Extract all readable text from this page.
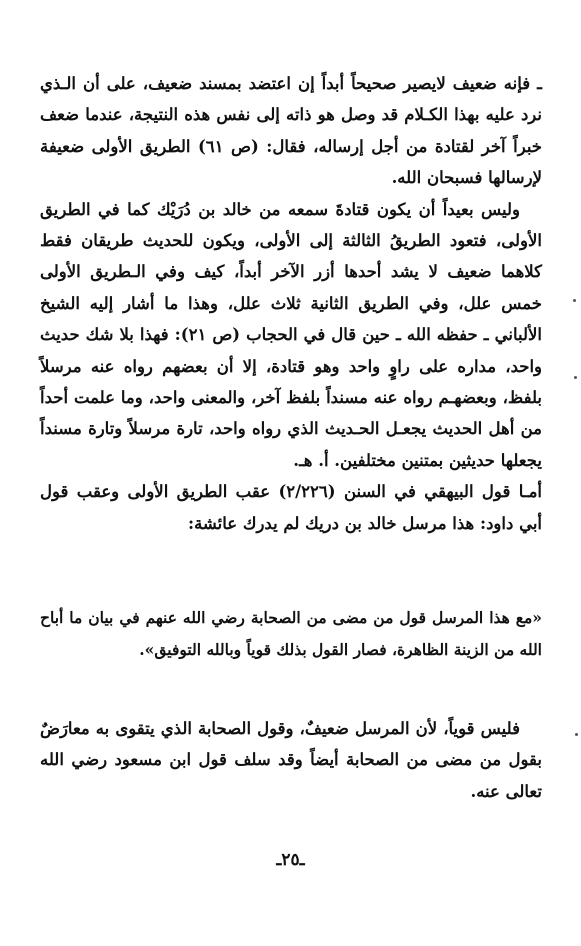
ـ فإنه ضعيف لايصير صحيحاً أبداً إن اعتضد بمسند ضعيف، على أن الـذي نرد عليه بهذا الكـلام قد وصل هو ذاته إلى نفس هذه النتيجة، عندما ضعف خبراً آخر لقتادة من أجل إرساله، فقال: (ص ٦١) الطريق الأولى ضعيفة لإرسالها فسبحان الله.

وليس بعيداً أن يكون قتادةَ سمعه من خالد بن دُرَيْك كما في الطريق الأولى، فتعود الطريقُ الثالثة إلى الأولى، ويكون للحديث طريقان فقط كلاهما ضعيف لا يشد أحدها أزر الآخر أبداً، كيف وفي الـطريق الأولى خمس علل، وفي الطريق الثانية ثلاث علل، وهذا ما أشار إليه الشيخ الألباني ـ حفظه الله ـ حين قال في الحجاب (ص ٢١): فهذا بلا شك حديث واحد، مداره على راوٍ واحد وهو قتادة، إلا أن بعضهم رواه عنه مرسلاً بلفظ، وبعضهـم رواه عنه مسنداً بلفظ آخر، والمعنى واحد، وما علمت أحداً من أهل الحديث يجعـل الحـديث الذي رواه واحد، تارة مرسلاً وتارة مسنداً يجعلها حديثين بمتنين مختلفين. أ. هـ.

أمـا قول البيهقي في السنن (٢/٢٢٦) عقب الطريق الأولى وعقب قول أبي داود: هذا مرسل خالد بن دريك لم يدرك عائشة:

«مع هذا المرسل قول من مضى من الصحابة رضي الله عنهم في بيان ما أباح الله من الزينة الظاهرة، فصار القول بذلك قوياً وبالله التوفيق».

فليس قوياً، لأن المرسل ضعيفٌ، وقول الصحابة الذي يتقوى به معارَضٌ بقول من مضى من الصحابة أيضاً وقد سلف قول ابن مسعود رضي الله تعالى عنه.

ـ٢٥ـ
